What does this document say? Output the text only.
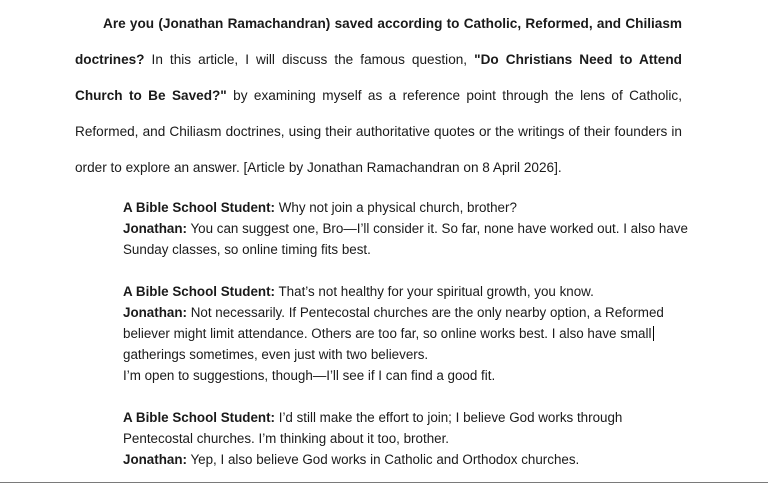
Are you (Jonathan Ramachandran) saved according to Catholic, Reformed, and Chiliasm doctrines? In this article, I will discuss the famous question, "Do Christians Need to Attend Church to Be Saved?" by examining myself as a reference point through the lens of Catholic, Reformed, and Chiliasm doctrines, using their authoritative quotes or the writings of their founders in order to explore an answer. [Article by Jonathan Ramachandran on 8 April 2026].

A Bible School Student: Why not join a physical church, brother?
Jonathan: You can suggest one, Bro—I’ll consider it. So far, none have worked out. I also have
Sunday classes, so online timing fits best.
A Bible School Student: That’s not healthy for your spiritual growth, you know.
Jonathan: Not necessarily. If Pentecostal churches are the only nearby option, a Reformed
believer might limit attendance. Others are too far, so online works best. I also have small
gatherings sometimes, even just with two believers.
I’m open to suggestions, though—I’ll see if I can find a good fit.
A Bible School Student: I’d still make the effort to join; I believe God works through
Pentecostal churches. I’m thinking about it too, brother.
Jonathan: Yep, I also believe God works in Catholic and Orthodox churches.
